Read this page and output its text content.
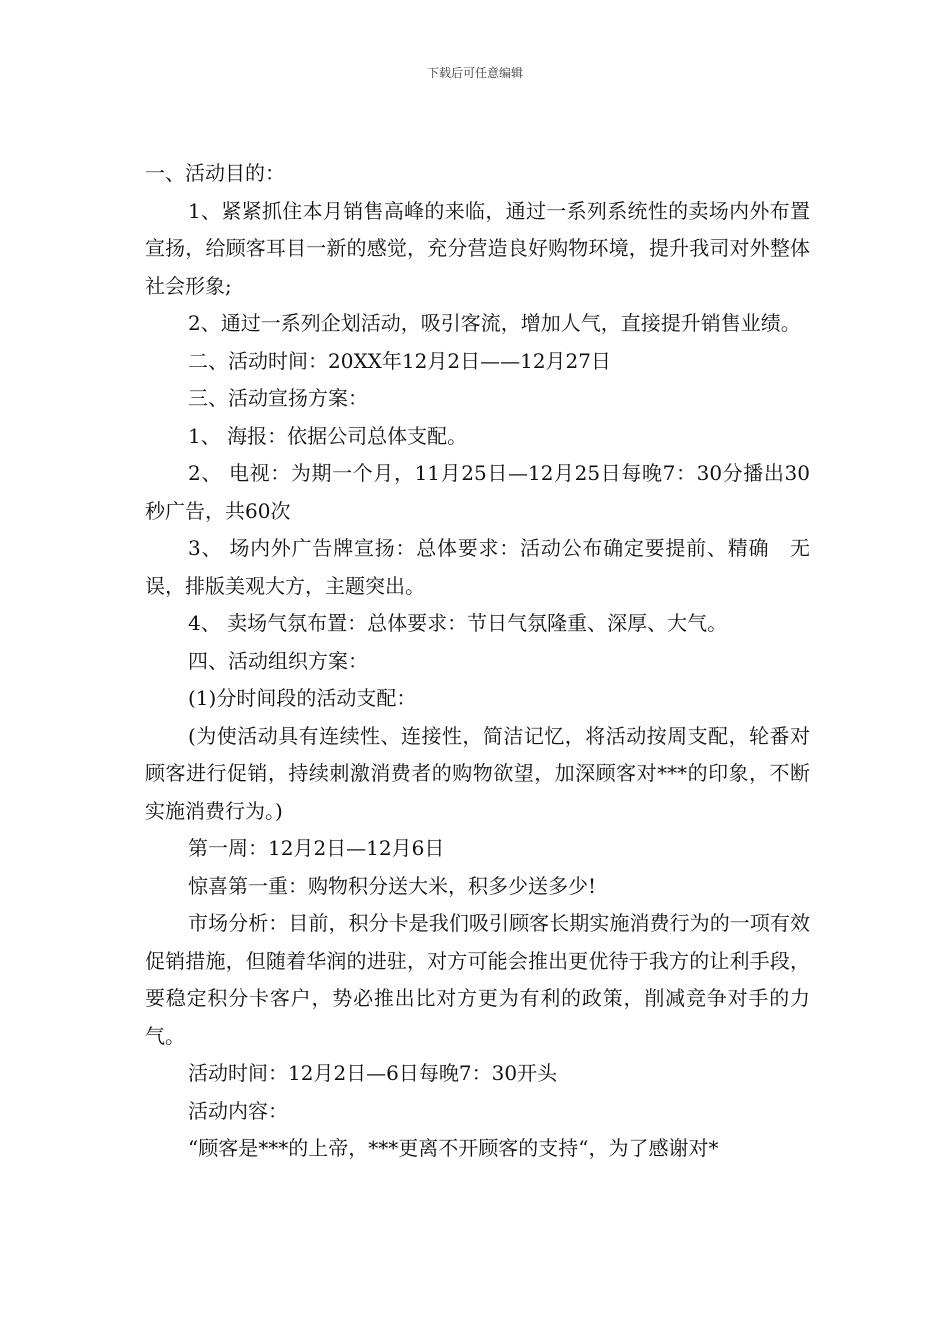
下载后可任意编辑

一、活动目的：

1、紧紧抓住本月销售高峰的来临，通过一系列系统性的卖场内外布置宣扬，给顾客耳目一新的感觉，充分营造良好购物环境，提升我司对外整体社会形象;

2、通过一系列企划活动，吸引客流，增加人气，直接提升销售业绩。

二、活动时间：20XX年12月2日——12月27日

三、活动宣扬方案：

1、 海报：依据公司总体支配。

2、 电视：为期一个月，11月25日—12月25日每晚7：30分播出30秒广告，共60次

3、 场内外广告牌宣扬：总体要求：活动公布确定要提前、精确　无误，排版美观大方，主题突出。

4、 卖场气氛布置：总体要求：节日气氛隆重、深厚、大气。

四、活动组织方案：

(1)分时间段的活动支配：

(为使活动具有连续性、连接性，简洁记忆，将活动按周支配，轮番对顾客进行促销，持续刺激消费者的购物欲望，加深顾客对***的印象，不断实施消费行为。)

第一周：12月2日—12月6日

惊喜第一重：购物积分送大米，积多少送多少!

市场分析：目前，积分卡是我们吸引顾客长期实施消费行为的一项有效促销措施，但随着华润的进驻，对方可能会推出更优待于我方的让利手段，要稳定积分卡客户，势必推出比对方更为有利的政策，削减竞争对手的力气。

活动时间：12月2日—6日每晚7：30开头

活动内容：

“顾客是***的上帝，***更离不开顾客的支持“，为了感谢对*
